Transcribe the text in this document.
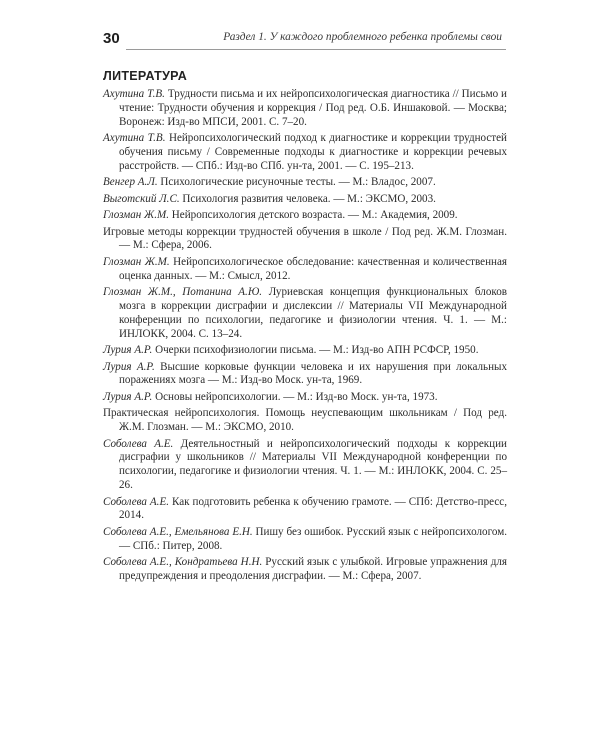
30	Раздел 1. У каждого проблемного ребенка проблемы свои
ЛИТЕРАТУРА
Ахутина Т.В. Трудности письма и их нейропсихологическая диагностика // Письмо и чтение: Трудности обучения и коррекция / Под ред. О.Б. Иншаковой. — Москва; Воронеж: Изд-во МПСИ, 2001. С. 7–20.
Ахутина Т.В. Нейропсихологический подход к диагностике и коррекции трудностей обучения письму / Современные подходы к диагностике и коррекции речевых расстройств. — СПб.: Изд-во СПб. ун-та, 2001. — С. 195–213.
Венгер А.Л. Психологические рисуночные тесты. — М.: Владос, 2007.
Выготский Л.С. Психология развития человека. — М.: ЭКСМО, 2003.
Глозман Ж.М. Нейропсихология детского возраста. — М.: Академия, 2009.
Игровые методы коррекции трудностей обучения в школе / Под ред. Ж.М. Глозман. — М.: Сфера, 2006.
Глозман Ж.М. Нейропсихологическое обследование: качественная и количественная оценка данных. — М.: Смысл, 2012.
Глозман Ж.М., Потанина А.Ю. Луриевская концепция функциональных блоков мозга в коррекции дисграфии и дислексии // Материалы VII Международной конференции по психологии, педагогике и физиологии чтения. Ч. 1. — М.: ИНЛОКК, 2004. С. 13–24.
Лурия А.Р. Очерки психофизиологии письма. — М.: Изд-во АПН РСФСР, 1950.
Лурия А.Р. Высшие корковые функции человека и их нарушения при локальных поражениях мозга — М.: Изд-во Моск. ун-та, 1969.
Лурия А.Р. Основы нейропсихологии. — М.: Изд-во Моск. ун-та, 1973.
Практическая нейропсихология. Помощь неуспевающим школьникам / Под ред. Ж.М. Глозман. — М.: ЭКСМО, 2010.
Соболева А.Е. Деятельностный и нейропсихологический подходы к коррекции дисграфии у школьников // Материалы VII Международной конференции по психологии, педагогике и физиологии чтения. Ч. 1. — М.: ИНЛОКК, 2004. С. 25–26.
Соболева А.Е. Как подготовить ребенка к обучению грамоте. — СПб: Детство-пресс, 2014.
Соболева А.Е., Емельянова Е.Н. Пишу без ошибок. Русский язык с нейропсихологом. — СПб.: Питер, 2008.
Соболева А.Е., Кондратьева Н.Н. Русский язык с улыбкой. Игровые упражнения для предупреждения и преодоления дисграфии. — М.: Сфера, 2007.
